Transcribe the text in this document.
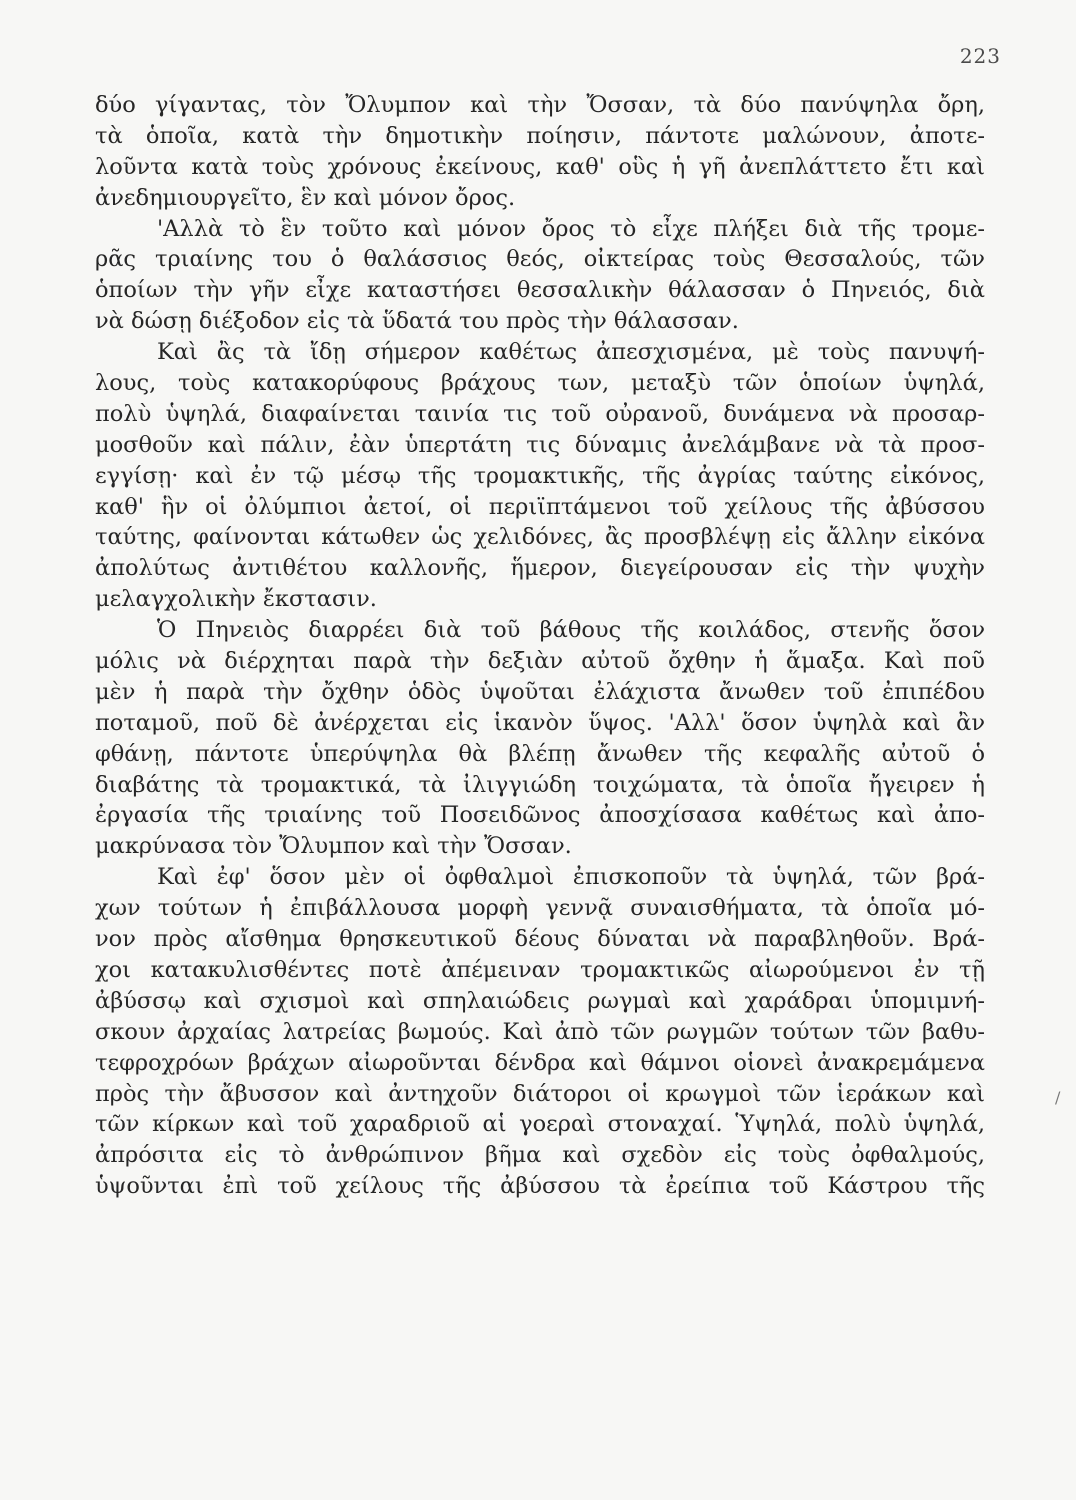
223
δύο γίγαντας, τὸν Ὄλυμπον καὶ τὴν Ὄσσαν, τὰ δύο πανύψηλα ὄρη,
τὰ ὁποῖα, κατὰ τὴν δημοτικὴν ποίησιν, πάντοτε μαλώνουν, ἀποτε-
λοῦντα κατὰ τοὺς χρόνους ἐκείνους, καθ' οὓς ἡ γῆ ἀνεπλάττετο ἔτι καὶ
ἀνεδημιουργεῖτο, ἓν καὶ μόνον ὄρος.
'Αλλὰ τὸ ἓν τοῦτο καὶ μόνον ὄρος τὸ εἶχε πλήξει διὰ τῆς τρομε-
ρᾶς τριαίνης του ὁ θαλάσσιος θεός, οἰκτείρας τοὺς Θεσσαλούς, τῶν
ὁποίων τὴν γῆν εἶχε καταστήσει θεσσαλικὴν θάλασσαν ὁ Πηνειός, διὰ
νὰ δώσῃ διέξοδον εἰς τὰ ὕδατά του πρὸς τὴν θάλασσαν.
Καὶ ἂς τὰ ἴδῃ σήμερον καθέτως ἀπεσχισμένα, μὲ τοὺς πανυψή-
λους, τοὺς κατακορύφους βράχους των, μεταξὺ τῶν ὁποίων ὑψηλά,
πολὺ ὑψηλά, διαφαίνεται ταινία τις τοῦ οὐρανοῦ, δυνάμενα νὰ προσαρ-
μοσθοῦν καὶ πάλιν, ἐὰν ὑπερτάτη τις δύναμις ἀνελάμβανε νὰ τὰ προσ-
εγγίσῃ· καὶ ἐν τῷ μέσῳ τῆς τρομακτικῆς, τῆς ἀγρίας ταύτης εἰκόνος,
καθ' ἣν οἱ ὀλύμπιοι ἀετοί, οἱ περιϊπτάμενοι τοῦ χείλους τῆς ἀβύσσου
ταύτης, φαίνονται κάτωθεν ὡς χελιδόνες, ἂς προσβλέψῃ εἰς ἄλλην εἰκόνα
ἀπολύτως ἀντιθέτου καλλονῆς, ἥμερον, διεγείρουσαν εἰς τὴν ψυχὴν
μελαγχολικὴν ἔκστασιν.
Ὁ Πηνειὸς διαρρέει διὰ τοῦ βάθους τῆς κοιλάδος, στενῆς ὅσον
μόλις νὰ διέρχηται παρὰ τὴν δεξιὰν αὐτοῦ ὄχθην ἡ ἅμαξα. Καὶ ποῦ
μὲν ἡ παρὰ τὴν ὄχθην ὁδὸς ὑψοῦται ἐλάχιστα ἄνωθεν τοῦ ἐπιπέδου
ποταμοῦ, ποῦ δὲ ἀνέρχεται εἰς ἱκανὸν ὕψος. 'Αλλ' ὅσον ὑψηλὰ καὶ ἂν
φθάνῃ, πάντοτε ὑπερύψηλα θὰ βλέπῃ ἄνωθεν τῆς κεφαλῆς αὐτοῦ ὁ
διαβάτης τὰ τρομακτικά, τὰ ἰλιγγιώδη τοιχώματα, τὰ ὁποῖα ἤγειρεν ἡ
ἐργασία τῆς τριαίνης τοῦ Ποσειδῶνος ἀποσχίσασα καθέτως καὶ ἀπο-
μακρύνασα τὸν Ὄλυμπον καὶ τὴν Ὄσσαν.
Καὶ ἐφ' ὅσον μὲν οἱ ὀφθαλμοὶ ἐπισκοποῦν τὰ ὑψηλά, τῶν βρά-
χων τούτων ἡ ἐπιβάλλουσα μορφὴ γεννᾷ συναισθήματα, τὰ ὁποῖα μό-
νον πρὸς αἴσθημα θρησκευτικοῦ δέους δύναται νὰ παραβληθοῦν. Βρά-
χοι κατακυλισθέντες ποτὲ ἀπέμειναν τρομακτικῶς αἰωρούμενοι ἐν τῇ
ἀβύσσῳ καὶ σχισμοὶ καὶ σπηλαιώδεις ρωγμαὶ καὶ χαράδραι ὑπομιμνή-
σκουν ἀρχαίας λατρείας βωμούς. Καὶ ἀπὸ τῶν ρωγμῶν τούτων τῶν βαθυ-
τεφροχρόων βράχων αἰωροῦνται δένδρα καὶ θάμνοι οἱονεὶ ἀνακρεμάμενα
πρὸς τὴν ἄβυσσον καὶ ἀντηχοῦν διάτοροι οἱ κρωγμοὶ τῶν ἱεράκων καὶ
τῶν κίρκων καὶ τοῦ χαραδριοῦ αἱ γοεραὶ στοναχαί. Ὑψηλά, πολὺ ὑψηλά,
ἀπρόσιτα εἰς τὸ ἀνθρώπινον βῆμα καὶ σχεδὸν εἰς τοὺς ὀφθαλμούς,
ὑψοῦνται ἐπὶ τοῦ χείλους τῆς ἀβύσσου τὰ ἐρείπια τοῦ Κάστρου τῆς
/
